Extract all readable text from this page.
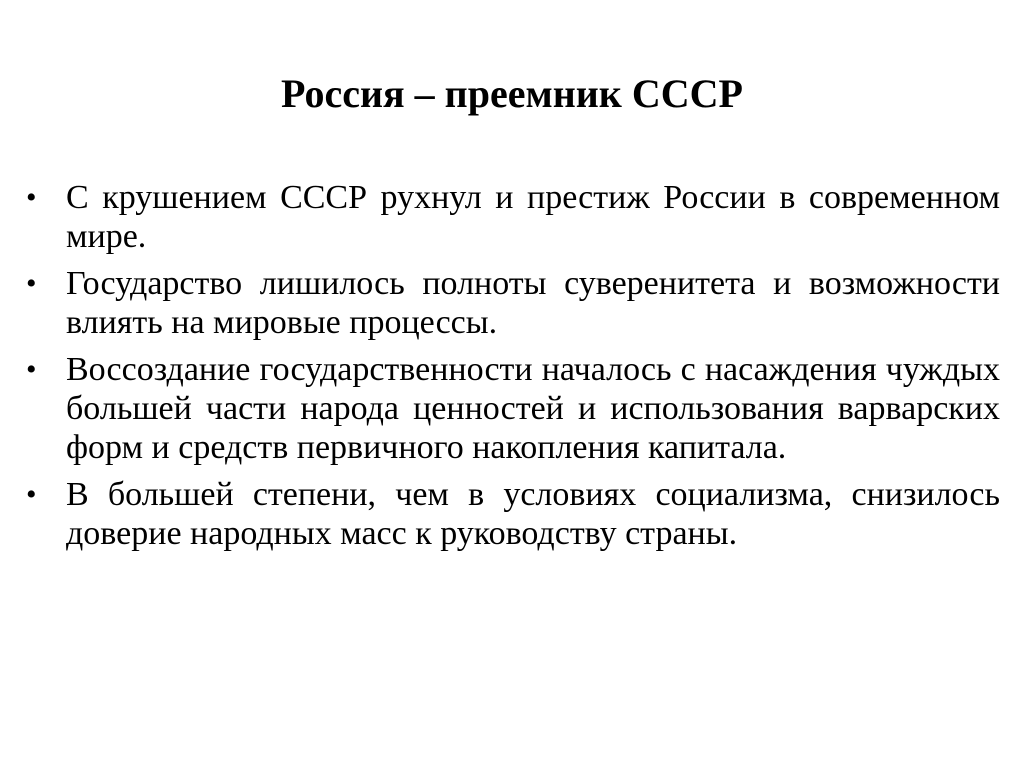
Россия – преемник СССР
• С крушением СССР рухнул и престиж России в современном мире.
• Государство лишилось полноты суверенитета и возможности влиять на мировые процессы.
• Воссоздание государственности началось с насаждения чуждых большей части народа ценностей и использования варварских форм и средств первичного накопления капитала.
• В большей степени, чем в условиях социализма, снизилось доверие народных масс к руководству страны.
